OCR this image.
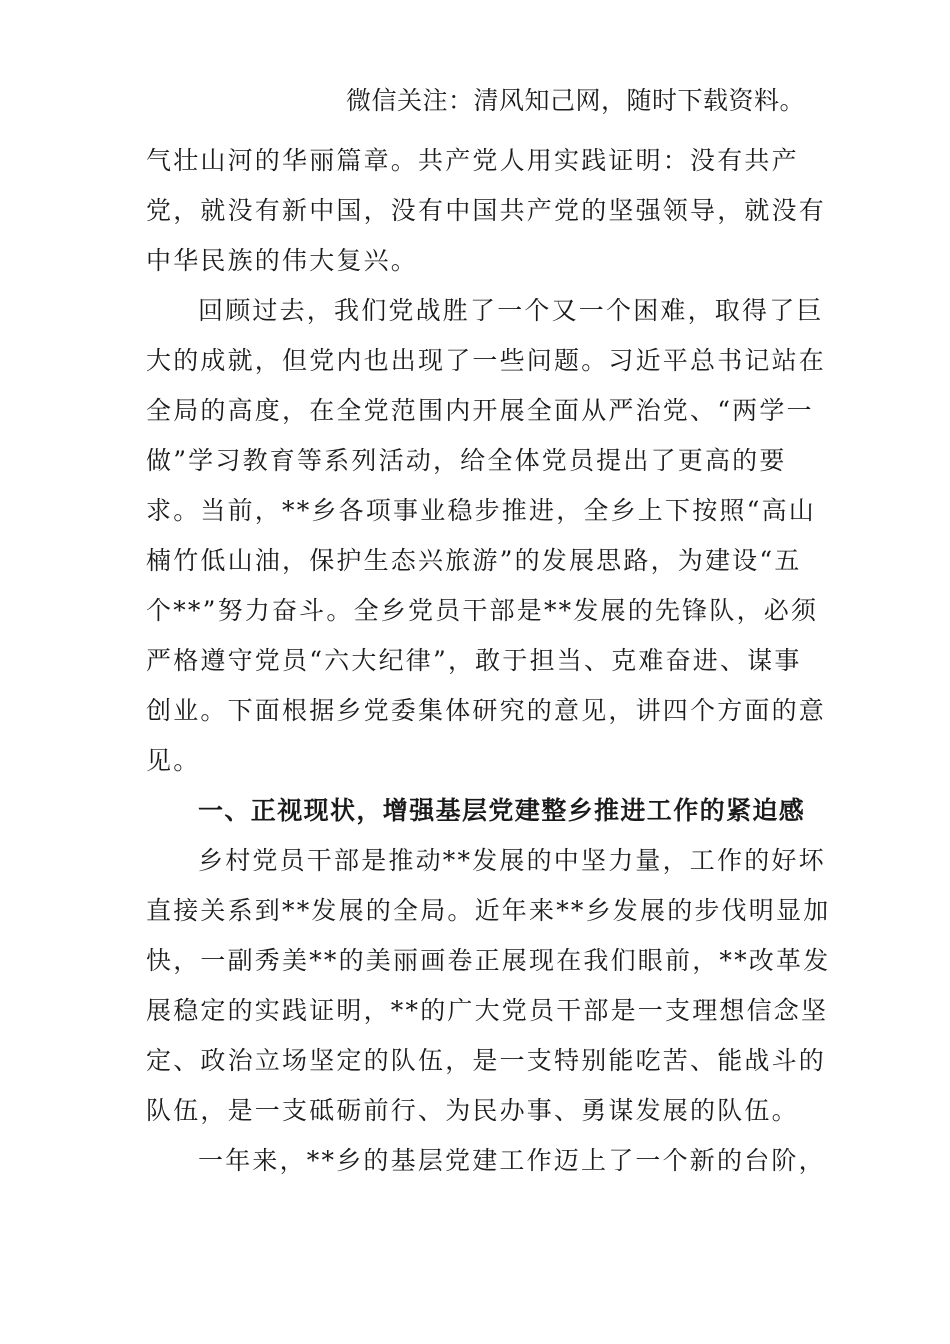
微信关注：清风知己网，随时下载资料。
气壮山河的华丽篇章。共产党人用实践证明：没有共产
党，就没有新中国，没有中国共产党的坚强领导，就没有
中华民族的伟大复兴。
回顾过去，我们党战胜了一个又一个困难，取得了巨
大的成就，但党内也出现了一些问题。习近平总书记站在
全局的高度，在全党范围内开展全面从严治党、“两学一
做”学习教育等系列活动，给全体党员提出了更高的要
求。当前，**乡各项事业稳步推进，全乡上下按照“高山
楠竹低山油，保护生态兴旅游”的发展思路，为建设“五
个**”努力奋斗。全乡党员干部是**发展的先锋队，必须
严格遵守党员“六大纪律”，敢于担当、克难奋进、谋事
创业。下面根据乡党委集体研究的意见，讲四个方面的意
见。
一、正视现状，增强基层党建整乡推进工作的紧迫感
乡村党员干部是推动**发展的中坚力量，工作的好坏
直接关系到**发展的全局。近年来**乡发展的步伐明显加
快，一副秀美**的美丽画卷正展现在我们眼前，**改革发
展稳定的实践证明，**的广大党员干部是一支理想信念坚
定、政治立场坚定的队伍，是一支特别能吃苦、能战斗的
队伍，是一支砥砺前行、为民办事、勇谋发展的队伍。
一年来，**乡的基层党建工作迈上了一个新的台阶，
